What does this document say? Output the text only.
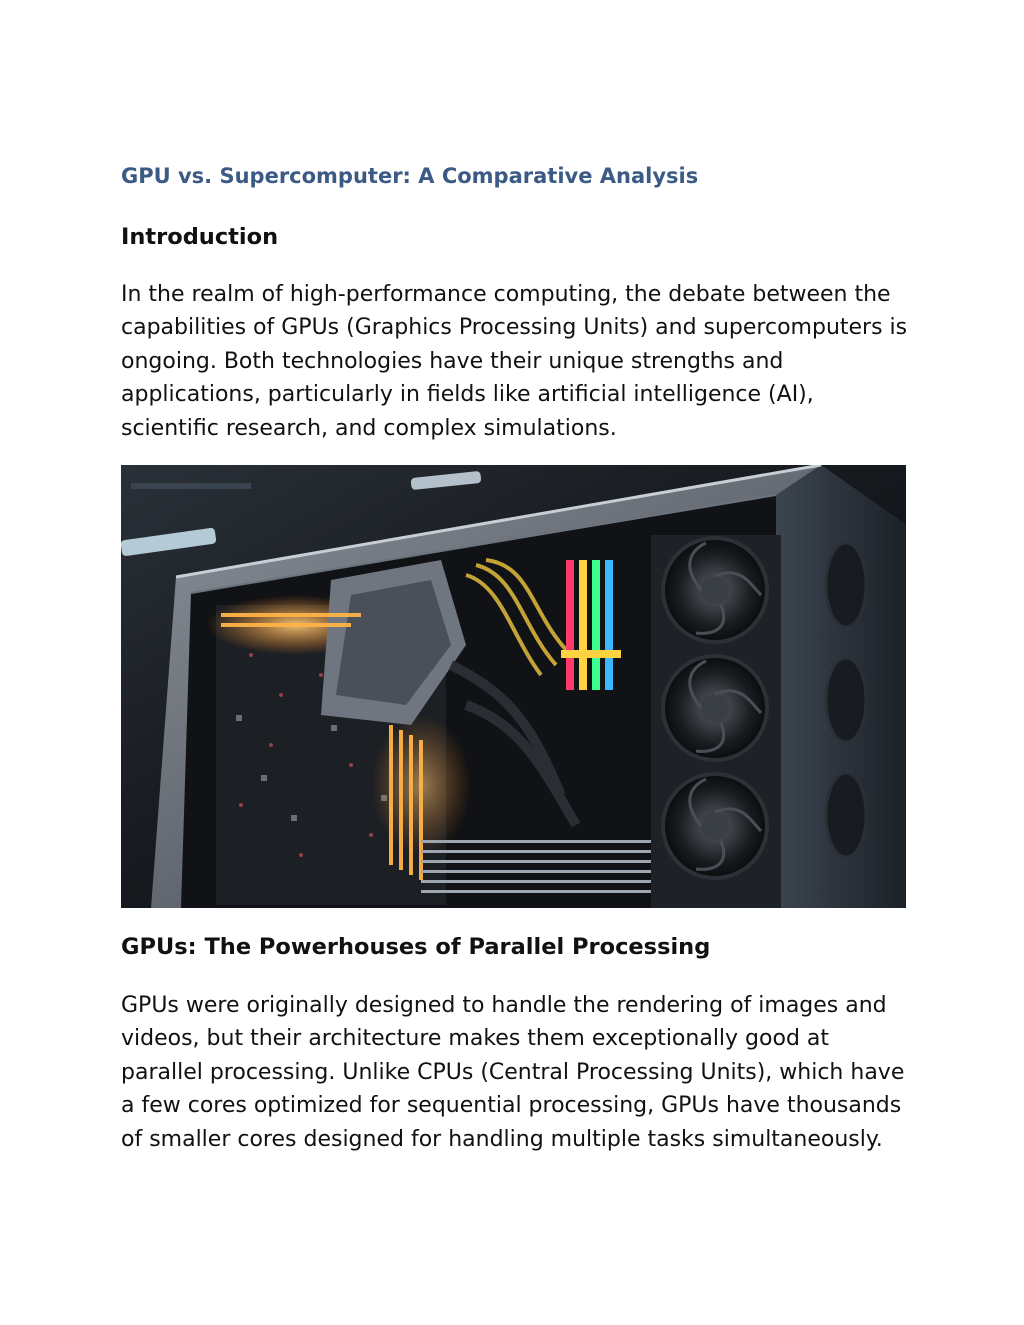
GPU vs. Supercomputer: A Comparative Analysis
Introduction

In the realm of high-performance computing, the debate between the capabilities of GPUs (Graphics Processing Units) and supercomputers is ongoing. Both technologies have their unique strengths and applications, particularly in fields like artificial intelligence (AI), scientific research, and complex simulations.

GPUs: The Powerhouses of Parallel Processing

GPUs were originally designed to handle the rendering of images and videos, but their architecture makes them exceptionally good at parallel processing. Unlike CPUs (Central Processing Units), which have a few cores optimized for sequential processing, GPUs have thousands of smaller cores designed for handling multiple tasks simultaneously.
